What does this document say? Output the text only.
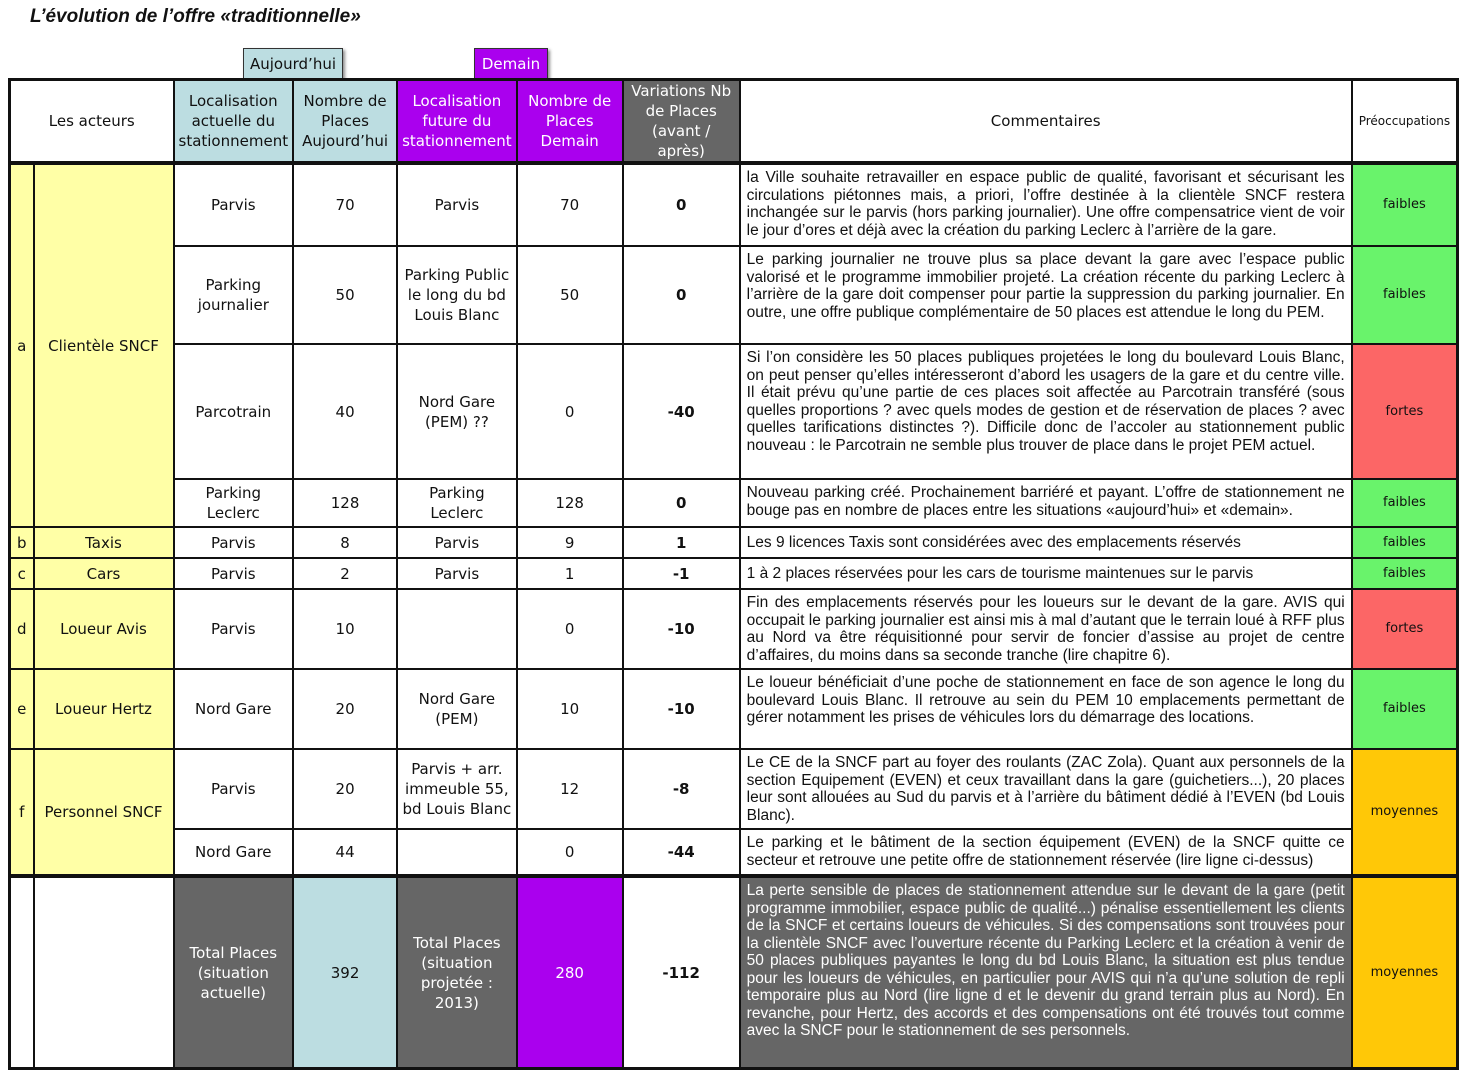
L’évolution de l’offre «traditionnelle»
Aujourd’hui	Demain
Les acteurs		Localisation actuelle du stationnement	Nombre de Places Aujourd’hui	Localisation future du stationnement	Nombre de Places Demain	Variations Nb de Places (avant / après)	Commentaires	Préoccupations
a	Clientèle SNCF	Parvis	70	Parvis	70	0	la Ville souhaite retravailler en espace public de qualité, favorisant et sécurisant les circulations piétonnes mais, a priori, l’offre destinée à la clientèle SNCF restera inchangée sur le parvis (hors parking journalier). Une offre compensatrice vient de voir le jour d’ores et déjà avec la création du parking Leclerc à l’arrière de la gare.	faibles
		Parking journalier	50	Parking Public le long du bd Louis Blanc	50	0	Le parking journalier ne trouve plus sa place devant la gare avec l’espace public valorisé et le programme immobilier projeté. La création récente du parking Leclerc à l’arrière de la gare doit compenser pour partie la suppression du parking journalier. En outre, une offre publique complémentaire de 50 places est attendue le long du PEM.	faibles
		Parcotrain	40	Nord Gare (PEM) ??	0	-40	Si l’on considère les 50 places publiques projetées le long du boulevard Louis Blanc, on peut penser qu’elles intéresseront d’abord les usagers de la gare et du centre ville. Il était prévu qu’une partie de ces places soit affectée au Parcotrain transféré (sous quelles proportions ? avec quels modes de gestion et de réservation de places ? avec quelles tarifications distinctes ?). Difficile donc de l’accoler au stationnement public nouveau : le Parcotrain ne semble plus trouver de place dans le projet PEM actuel.	fortes
		Parking Leclerc	128	Parking Leclerc	128	0	Nouveau parking créé. Prochainement barriéré et payant. L’offre de stationnement ne bouge pas en nombre de places entre les situations «aujourd’hui» et «demain».	faibles
b	Taxis	Parvis	8	Parvis	9	1	Les 9 licences Taxis sont considérées avec des emplacements réservés	faibles
c	Cars	Parvis	2	Parvis	1	-1	1 à 2 places réservées pour les cars de tourisme maintenues sur le parvis	faibles
d	Loueur Avis	Parvis	10		0	-10	Fin des emplacements réservés pour les loueurs sur le devant de la gare. AVIS qui occupait le parking journalier est ainsi mis à mal d’autant que le terrain loué à RFF plus au Nord va être réquisitionné pour servir de foncier d’assise au projet de centre d’affaires, du moins dans sa seconde tranche (lire chapitre 6).	fortes
e	Loueur Hertz	Nord Gare	20	Nord Gare (PEM)	10	-10	Le loueur bénéficiait d’une poche de stationnement en face de son agence le long du boulevard Louis Blanc. Il retrouve au sein du PEM 10 emplacements permettant de gérer notamment les prises de véhicules lors du démarrage des locations.	faibles
f	Personnel SNCF	Parvis	20	Parvis + arr. immeuble 55, bd Louis Blanc	12	-8	Le CE de la SNCF part au foyer des roulants (ZAC Zola). Quant aux personnels de la section Equipement (EVEN) et ceux travaillant dans la gare (guichetiers...), 20 places leur sont allouées au Sud du parvis et à l’arrière du bâtiment dédié à l’EVEN (bd Louis Blanc).	moyennes
		Nord Gare	44		0	-44	Le parking et le bâtiment de la section équipement (EVEN) de la SNCF quitte ce secteur et retrouve une petite offre de stationnement réservée (lire ligne ci-dessus)	
		Total Places (situation actuelle)	392	Total Places (situation projetée : 2013)	280	-112	La perte sensible de places de stationnement attendue sur le devant de la gare (petit programme immobilier, espace public de qualité...) pénalise essentiellement les clients de la SNCF et certains loueurs de véhicules. Si des compensations sont trouvées pour la clientèle SNCF avec l’ouverture récente du Parking Leclerc et la création à venir de 50 places publiques payantes le long du bd Louis Blanc, la situation est plus tendue pour les loueurs de véhicules, en particulier pour AVIS qui n’a qu’une solution de repli temporaire plus au Nord (lire ligne d et le devenir du grand terrain plus au Nord). En revanche, pour Hertz, des accords et des compensations ont été trouvés tout comme avec la SNCF pour le stationnement de ses personnels.	moyennes
